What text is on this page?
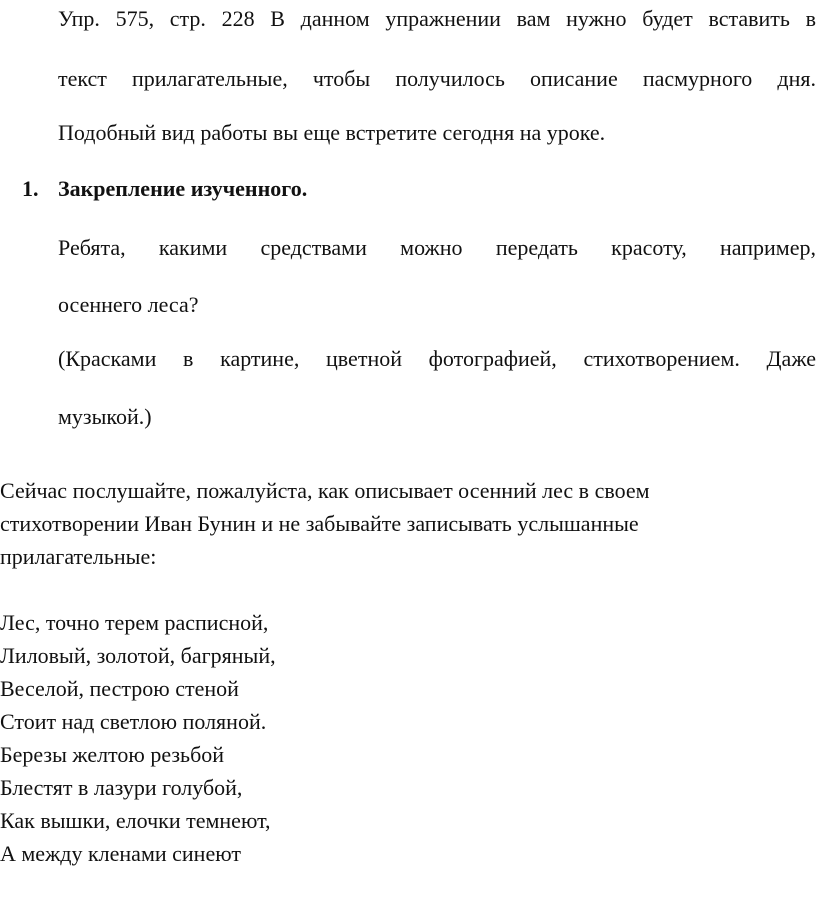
Упр. 575, стр. 228 В данном упражнении вам нужно будет вставить в
текст прилагательные, чтобы получилось описание пасмурного дня.
Подобный вид работы вы еще встретите сегодня на уроке.
1. Закрепление изученного.
Ребята, какими средствами можно передать красоту, например,
осеннего леса?
(Красками в картине, цветной фотографией, стихотворением. Даже
музыкой.)
Сейчас послушайте, пожалуйста, как описывает осенний лес в своем
стихотворении Иван Бунин и не забывайте записывать услышанные
прилагательные:
Лес, точно терем расписной,
Лиловый, золотой, багряный,
Веселой, пестрою стеной
Стоит над светлою поляной.
Березы желтою резьбой
Блестят в лазури голубой,
Как вышки, елочки темнеют,
А между кленами синеют
